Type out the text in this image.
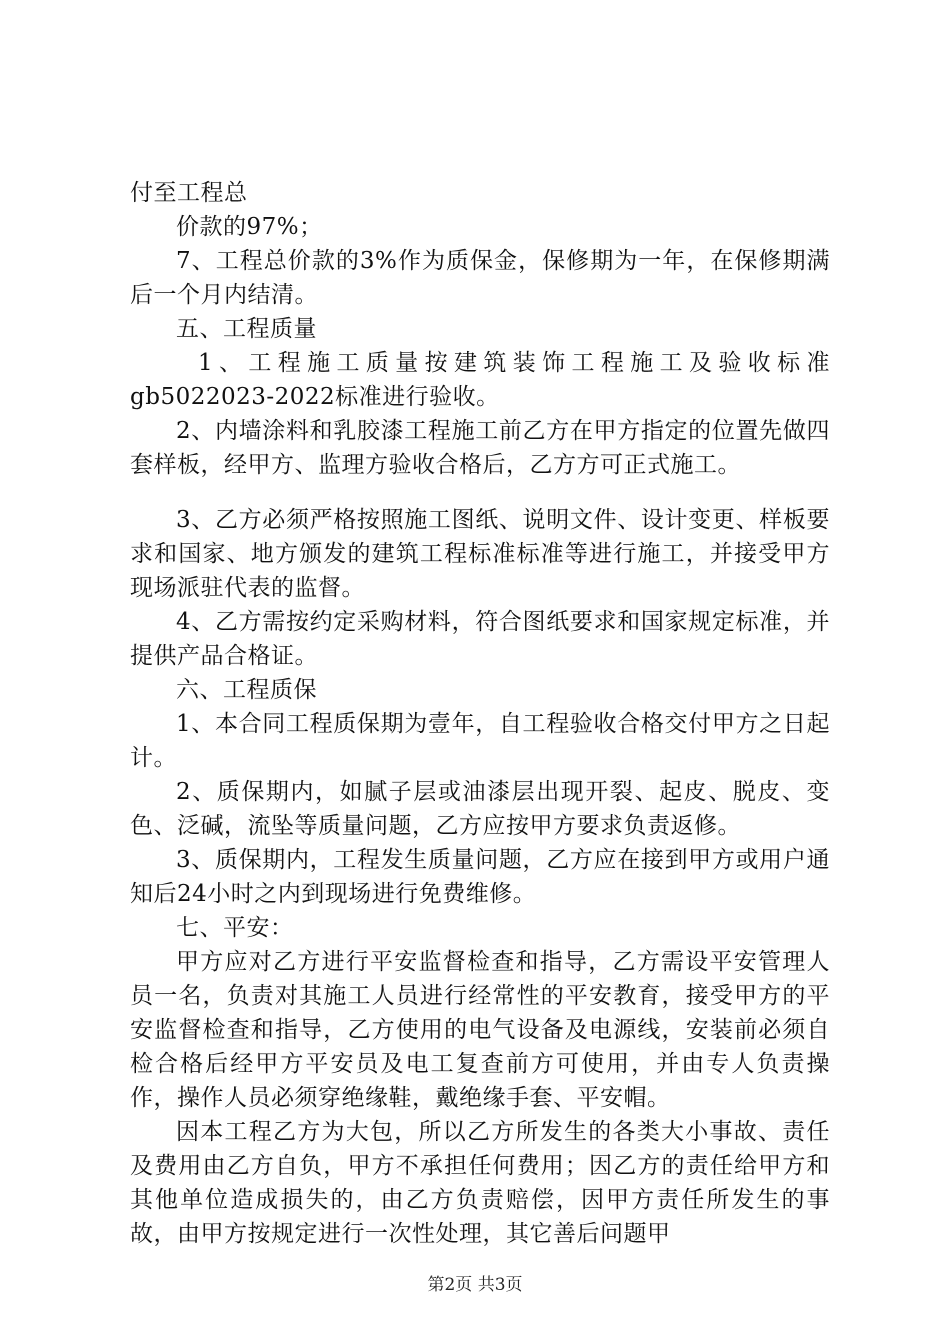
付至工程总

价款的97%；

7、工程总价款的3%作为质保金，保修期为一年，在保修期满后一个月内结清。

五、工程质量

1、工程施工质量按建筑装饰工程施工及验收标准gb5022023-2022标准进行验收。

2、内墙涂料和乳胶漆工程施工前乙方在甲方指定的位置先做四套样板，经甲方、监理方验收合格后，乙方方可正式施工。

3、乙方必须严格按照施工图纸、说明文件、设计变更、样板要求和国家、地方颁发的建筑工程标准标准等进行施工，并接受甲方现场派驻代表的监督。

4、乙方需按约定采购材料，符合图纸要求和国家规定标准，并提供产品合格证。

六、工程质保

1、本合同工程质保期为壹年，自工程验收合格交付甲方之日起计。

2、质保期内，如腻子层或油漆层出现开裂、起皮、脱皮、变色、泛碱，流坠等质量问题，乙方应按甲方要求负责返修。

3、质保期内，工程发生质量问题，乙方应在接到甲方或用户通知后24小时之内到现场进行免费维修。

七、平安：

甲方应对乙方进行平安监督检查和指导，乙方需设平安管理人员一名，负责对其施工人员进行经常性的平安教育，接受甲方的平安监督检查和指导，乙方使用的电气设备及电源线，安装前必须自检合格后经甲方平安员及电工复查前方可使用，并由专人负责操作，操作人员必须穿绝缘鞋，戴绝缘手套、平安帽。

因本工程乙方为大包，所以乙方所发生的各类大小事故、责任及费用由乙方自负，甲方不承担任何费用；因乙方的责任给甲方和其他单位造成损失的，由乙方负责赔偿，因甲方责任所发生的事故，由甲方按规定进行一次性处理，其它善后问题甲

第2页 共3页
